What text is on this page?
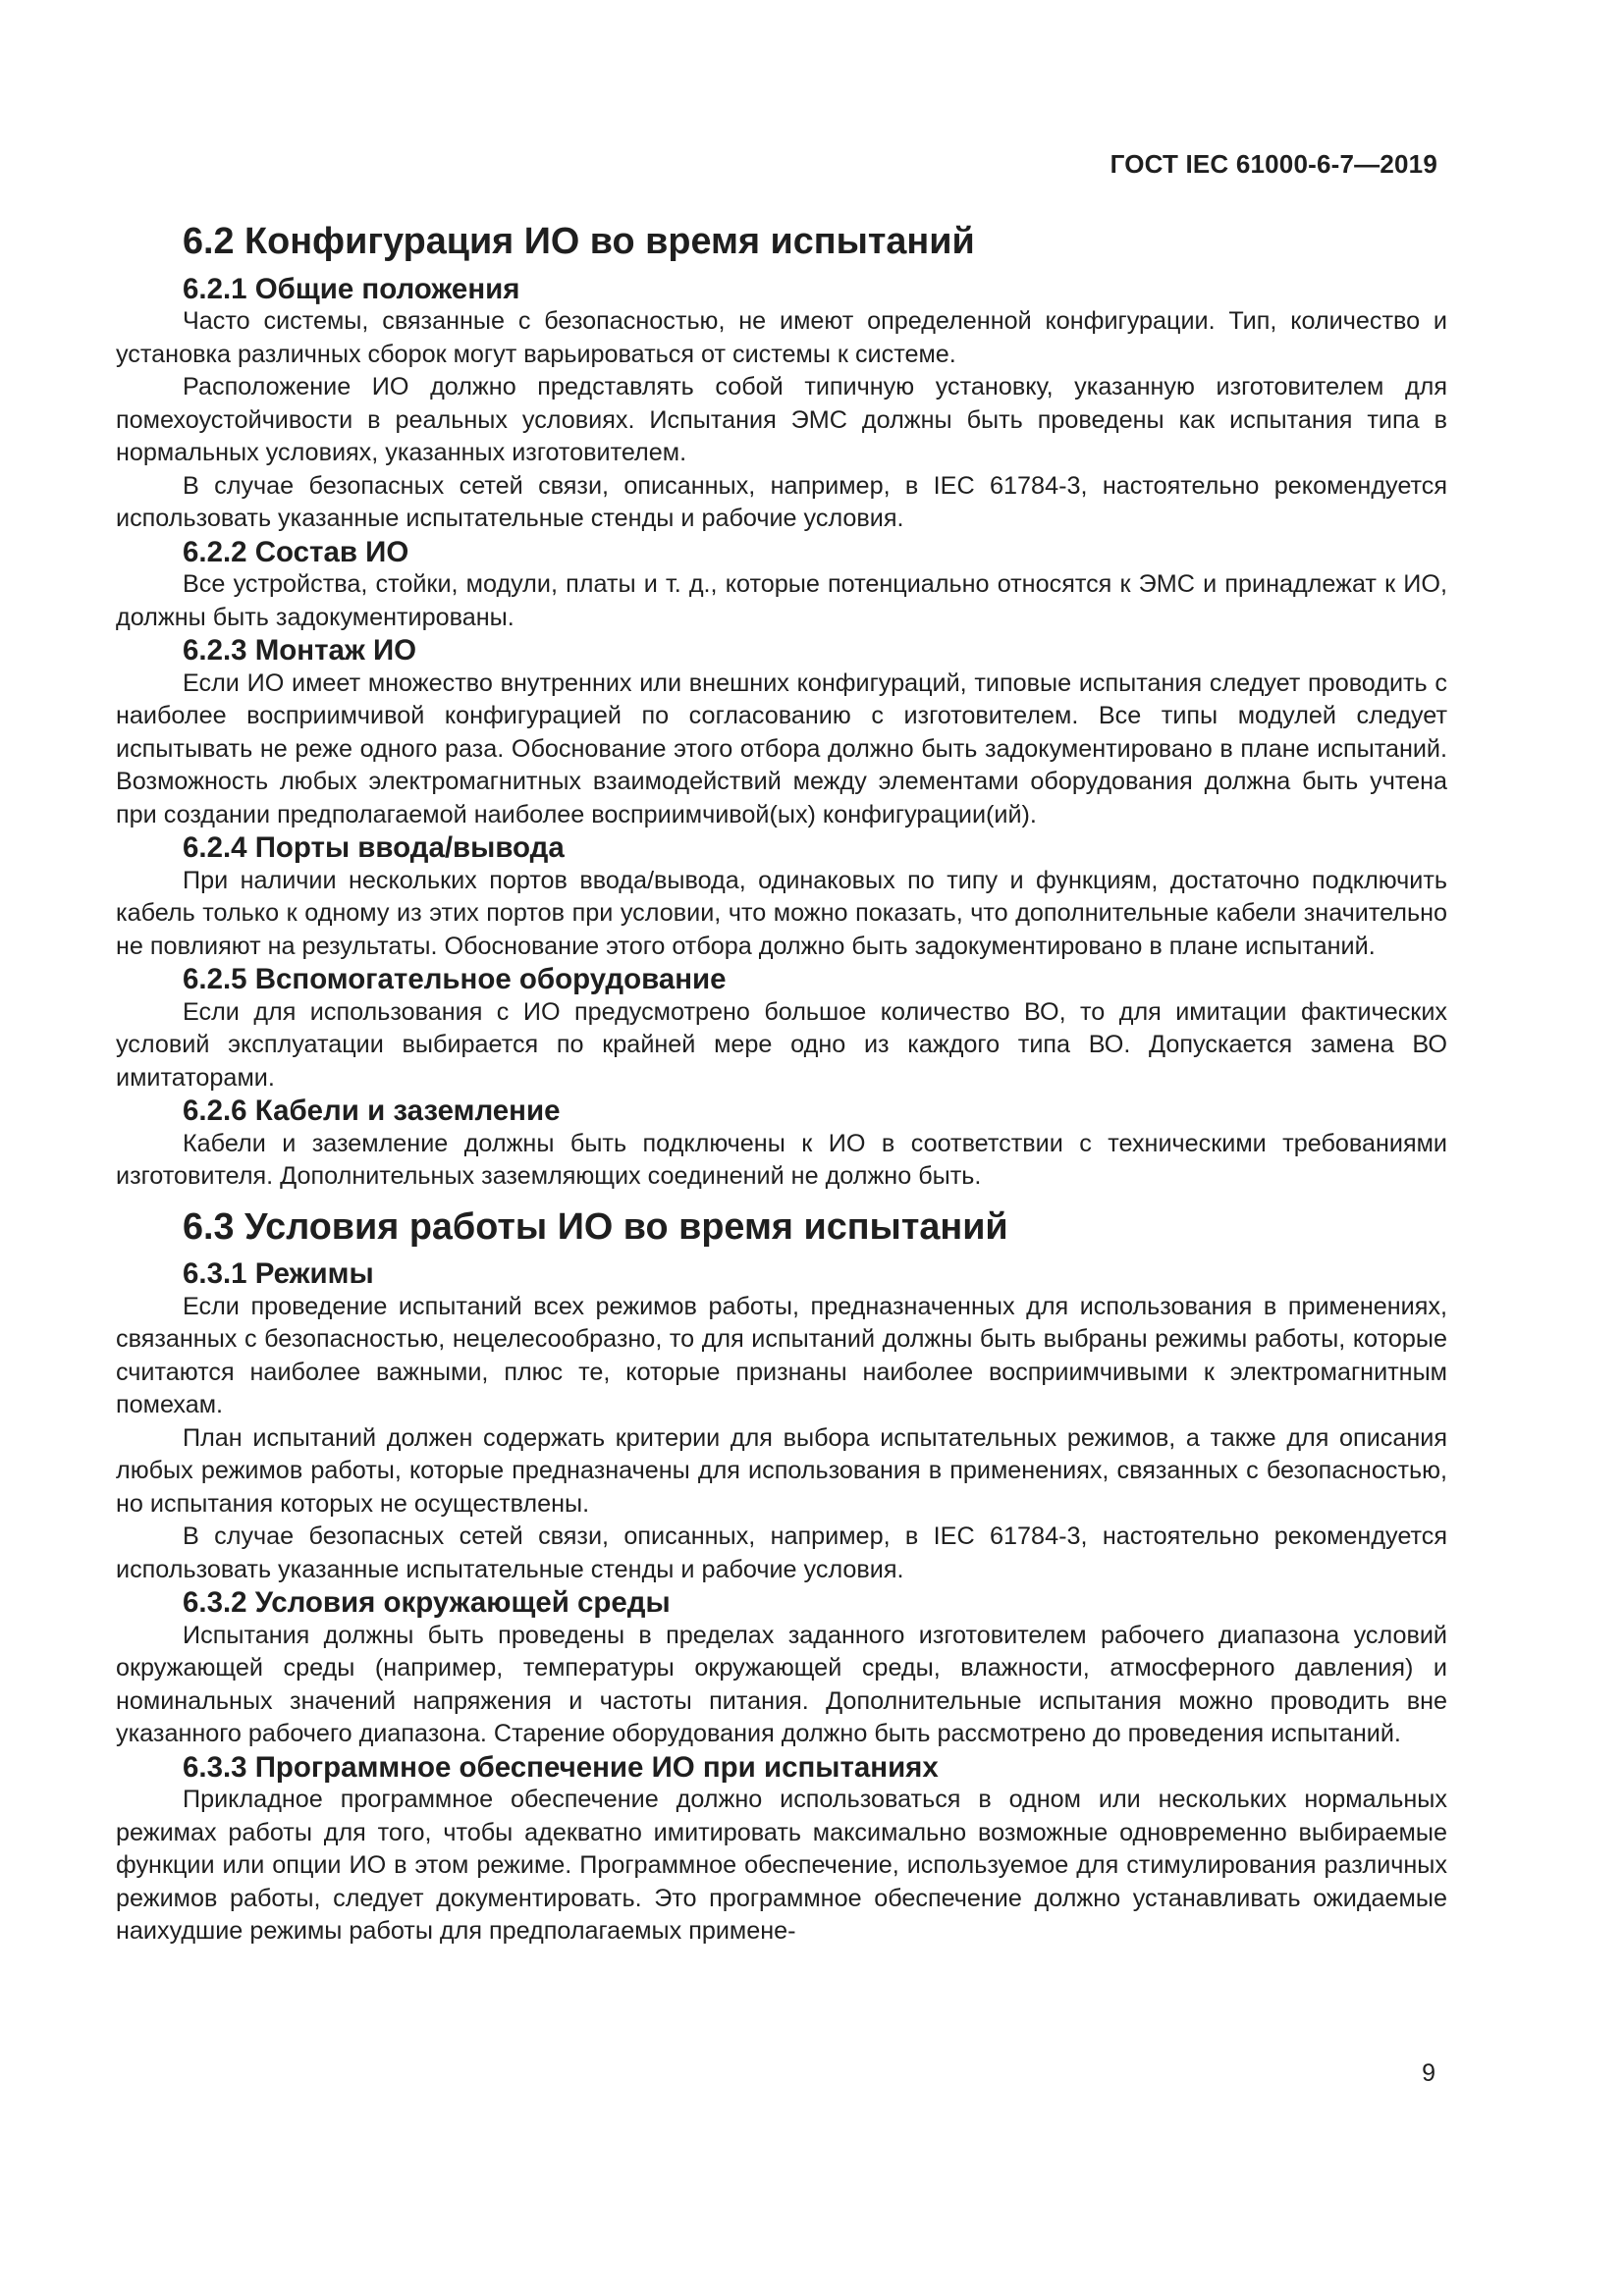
ГОСТ IEC 61000-6-7—2019
6.2 Конфигурация ИО во время испытаний
6.2.1 Общие положения

Часто системы, связанные с безопасностью, не имеют определенной конфигурации. Тип, количество и установка различных сборок могут варьироваться от системы к системе.

Расположение ИО должно представлять собой типичную установку, указанную изготовителем для помехоустойчивости в реальных условиях. Испытания ЭМС должны быть проведены как испытания типа в нормальных условиях, указанных изготовителем.

В случае безопасных сетей связи, описанных, например, в IEC 61784-3, настоятельно рекомендуется использовать указанные испытательные стенды и рабочие условия.

6.2.2 Состав ИО

Все устройства, стойки, модули, платы и т. д., которые потенциально относятся к ЭМС и принадлежат к ИО, должны быть задокументированы.

6.2.3 Монтаж ИО

Если ИО имеет множество внутренних или внешних конфигураций, типовые испытания следует проводить с наиболее восприимчивой конфигурацией по согласованию с изготовителем. Все типы модулей следует испытывать не реже одного раза. Обоснование этого отбора должно быть задокументировано в плане испытаний. Возможность любых электромагнитных взаимодействий между элементами оборудования должна быть учтена при создании предполагаемой наиболее восприимчивой(ых) конфигурации(ий).

6.2.4 Порты ввода/вывода

При наличии нескольких портов ввода/вывода, одинаковых по типу и функциям, достаточно подключить кабель только к одному из этих портов при условии, что можно показать, что дополнительные кабели значительно не повлияют на результаты. Обоснование этого отбора должно быть задокументировано в плане испытаний.

6.2.5 Вспомогательное оборудование

Если для использования с ИО предусмотрено большое количество ВО, то для имитации фактических условий эксплуатации выбирается по крайней мере одно из каждого типа ВО. Допускается замена ВО имитаторами.

6.2.6 Кабели и заземление

Кабели и заземление должны быть подключены к ИО в соответствии с техническими требованиями изготовителя. Дополнительных заземляющих соединений не должно быть.

6.3 Условия работы ИО во время испытаний
6.3.1 Режимы

Если проведение испытаний всех режимов работы, предназначенных для использования в применениях, связанных с безопасностью, нецелесообразно, то для испытаний должны быть выбраны режимы работы, которые считаются наиболее важными, плюс те, которые признаны наиболее восприимчивыми к электромагнитным помехам.

План испытаний должен содержать критерии для выбора испытательных режимов, а также для описания любых режимов работы, которые предназначены для использования в применениях, связанных с безопасностью, но испытания которых не осуществлены.

В случае безопасных сетей связи, описанных, например, в IEC 61784-3, настоятельно рекомендуется использовать указанные испытательные стенды и рабочие условия.

6.3.2 Условия окружающей среды

Испытания должны быть проведены в пределах заданного изготовителем рабочего диапазона условий окружающей среды (например, температуры окружающей среды, влажности, атмосферного давления) и номинальных значений напряжения и частоты питания. Дополнительные испытания можно проводить вне указанного рабочего диапазона. Старение оборудования должно быть рассмотрено до проведения испытаний.

6.3.3 Программное обеспечение ИО при испытаниях

Прикладное программное обеспечение должно использоваться в одном или нескольких нормальных режимах работы для того, чтобы адекватно имитировать максимально возможные одновременно выбираемые функции или опции ИО в этом режиме. Программное обеспечение, используемое для стимулирования различных режимов работы, следует документировать. Это программное обеспечение должно устанавливать ожидаемые наихудшие режимы работы для предполагаемых примене-

9
